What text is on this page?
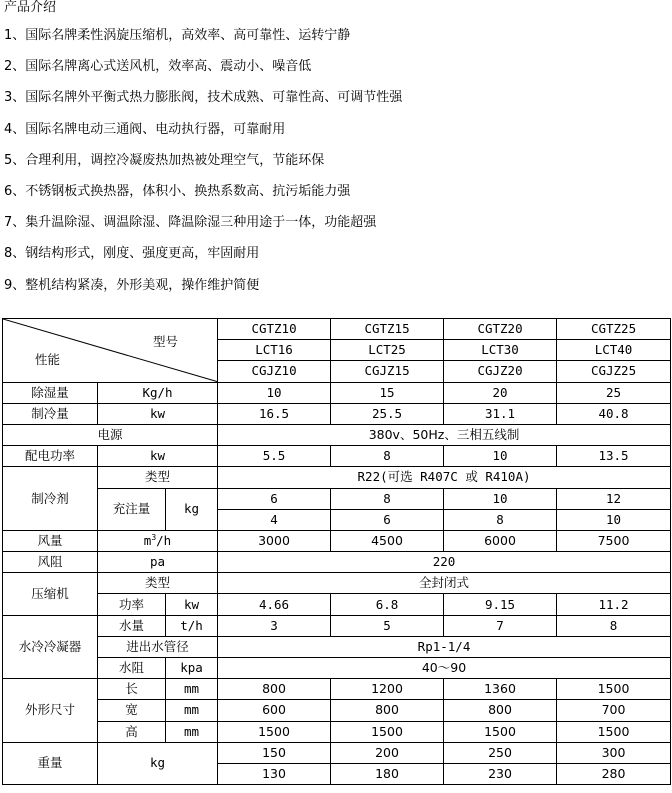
产品介绍
1、国际名牌柔性涡旋压缩机，高效率、高可靠性、运转宁静
2、国际名牌离心式送风机，效率高、震动小、噪音低
3、国际名牌外平衡式热力膨胀阀，技术成熟、可靠性高、可调节性强
4、国际名牌电动三通阀、电动执行器，可靠耐用
5、合理利用，调控冷凝废热加热被处理空气，节能环保
6、不锈钢板式换热器，体积小、换热系数高、抗污垢能力强
7、集升温除湿、调温除湿、降温除湿三种用途于一体，功能超强
8、钢结构形式，刚度、强度更高，牢固耐用
9、整机结构紧凑，外形美观，操作维护简便
型号
性能			CGTZ10	CGTZ15	CGTZ20	CGTZ25
			LCT16	LCT25	LCT30	LCT40
			CGJZ10	CGJZ15	CGJZ20	CGJZ25
除湿量	Kg/h		10	15	20	25
制冷量	kw		16.5	25.5	31.1	40.8
电源			380v、50Hz、三相五线制			
配电功率	kw		5.5	8	10	13.5
制冷剂	类型		R22(可选 R407C 或 R410A)			
	充注量	kg	6	8	10	12
			4	6	8	10
风量	$m^3/h$		3000	4500	6000	7500
风阻	pa		220			
压缩机	类型		全封闭式			
	功率	kw	4.66	6.8	9.15	11.2
水冷冷凝器	水量	t/h	3	5	7	8
	进出水管径		Rp1-1/4			
	水阻	kpa	40～90			
外形尺寸	长	mm	800	1200	1360	1500
	宽	mm	600	800	800	700
	高	mm	1500	1500	1500	1500
重量	kg		150	200	250	300
			130	180	230	280
